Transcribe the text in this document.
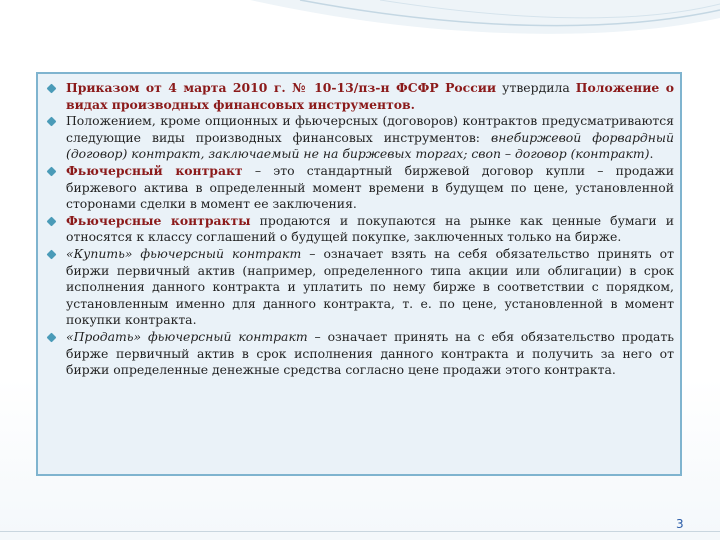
Приказом от 4 марта 2010 г. № 10-13/пз-н ФСФР России утвердила Положение о видах производных финансовых инструментов.
Положением, кроме опционных и фьючерсных (договоров) контрактов предусматриваются следующие виды производных финансовых инструментов: внебиржевой форвардный (договор) контракт, заключаемый не на биржевых торгах; своп – договор (контракт).
Фьючерсный контракт – это стандартный биржевой договор купли – продажи биржевого актива в определенный момент времени в будущем по цене, установленной сторонами сделки в момент ее заключения.
Фьючерсные контракты продаются и покупаются на рынке как ценные бумаги и относятся к классу соглашений о будущей покупке, заключенных только на бирже.
«Купить» фьючерсный контракт – означает взять на себя обязательство принять от биржи первичный актив (например, определенного типа акции или облигации) в срок исполнения данного контракта и уплатить по нему бирже в соответствии с порядком, установленным именно для данного контракта, т. е. по цене, установленной в момент покупки контракта.
«Продать» фьючерсный контракт – означает принять на с ебя обязательство продать бирже первичный актив в срок исполнения данного контракта и получить за него от биржи определенные денежные средства согласно цене продажи этого контракта.
3
